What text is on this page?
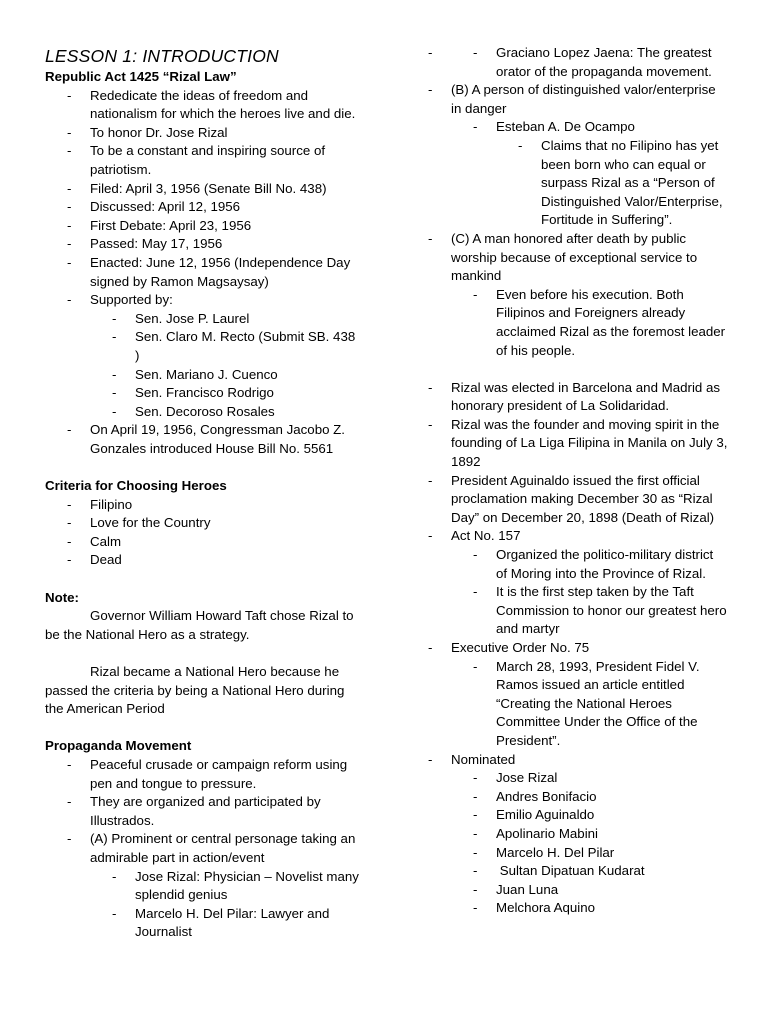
LESSON 1: INTRODUCTION

Republic Act 1425 “Rizal Law”

- Rededicate the ideas of freedom and nationalism for which the heroes live and die.
- To honor Dr. Jose Rizal
- To be a constant and inspiring source of patriotism.
- Filed: April 3, 1956 (Senate Bill No. 438)
- Discussed: April 12, 1956
- First Debate: April 23, 1956
- Passed: May 17, 1956
- Enacted: June 12, 1956 (Independence Day signed by Ramon Magsaysay)
- Supported by:
- Sen. Jose P. Laurel
- Sen. Claro M. Recto (Submit SB. 438 )
- Sen. Mariano J. Cuenco
- Sen. Francisco Rodrigo
- Sen. Decoroso Rosales
- On April 19, 1956, Congressman Jacobo Z. Gonzales introduced House Bill No. 5561

Criteria for Choosing Heroes

- Filipino
- Love for the Country
- Calm
- Dead

Note:

Governor William Howard Taft chose Rizal to be the National Hero as a strategy.

Rizal became a National Hero because he passed the criteria by being a National Hero during the American Period

Propaganda Movement

- Peaceful crusade or campaign reform using pen and tongue to pressure.
- They are organized and participated by Illustrados.
- (A) Prominent or central personage taking an admirable part in action/event
- Jose Rizal: Physician – Novelist many splendid genius
- Marcelo H. Del Pilar: Lawyer and Journalist
- - Graciano Lopez Jaena: The greatest orator of the propaganda movement.
- (B) A person of distinguished valor/enterprise in danger
- Esteban A. De Ocampo
- Claims that no Filipino has yet been born who can equal or surpass Rizal as a “Person of Distinguished Valor/Enterprise, Fortitude in Suffering”.
- (C) A man honored after death by public worship because of exceptional service to mankind
- Even before his execution. Both Filipinos and Foreigners already acclaimed Rizal as the foremost leader of his people.
- Rizal was elected in Barcelona and Madrid as honorary president of La Solidaridad.
- Rizal was the founder and moving spirit in the founding of La Liga Filipina in Manila on July 3, 1892
- President Aguinaldo issued the first official proclamation making December 30 as “Rizal Day” on December 20, 1898 (Death of Rizal)
- Act No. 157
- Organized the politico-military district of Moring into the Province of Rizal.
- It is the first step taken by the Taft Commission to honor our greatest hero and martyr
- Executive Order No. 75
- March 28, 1993, President Fidel V. Ramos issued an article entitled “Creating the National Heroes Committee Under the Office of the President”.
- Nominated
- Jose Rizal
- Andres Bonifacio
- Emilio Aguinaldo
- Apolinario Mabini
- Marcelo H. Del Pilar
-  Sultan Dipatuan Kudarat
- Juan Luna
- Melchora Aquino
